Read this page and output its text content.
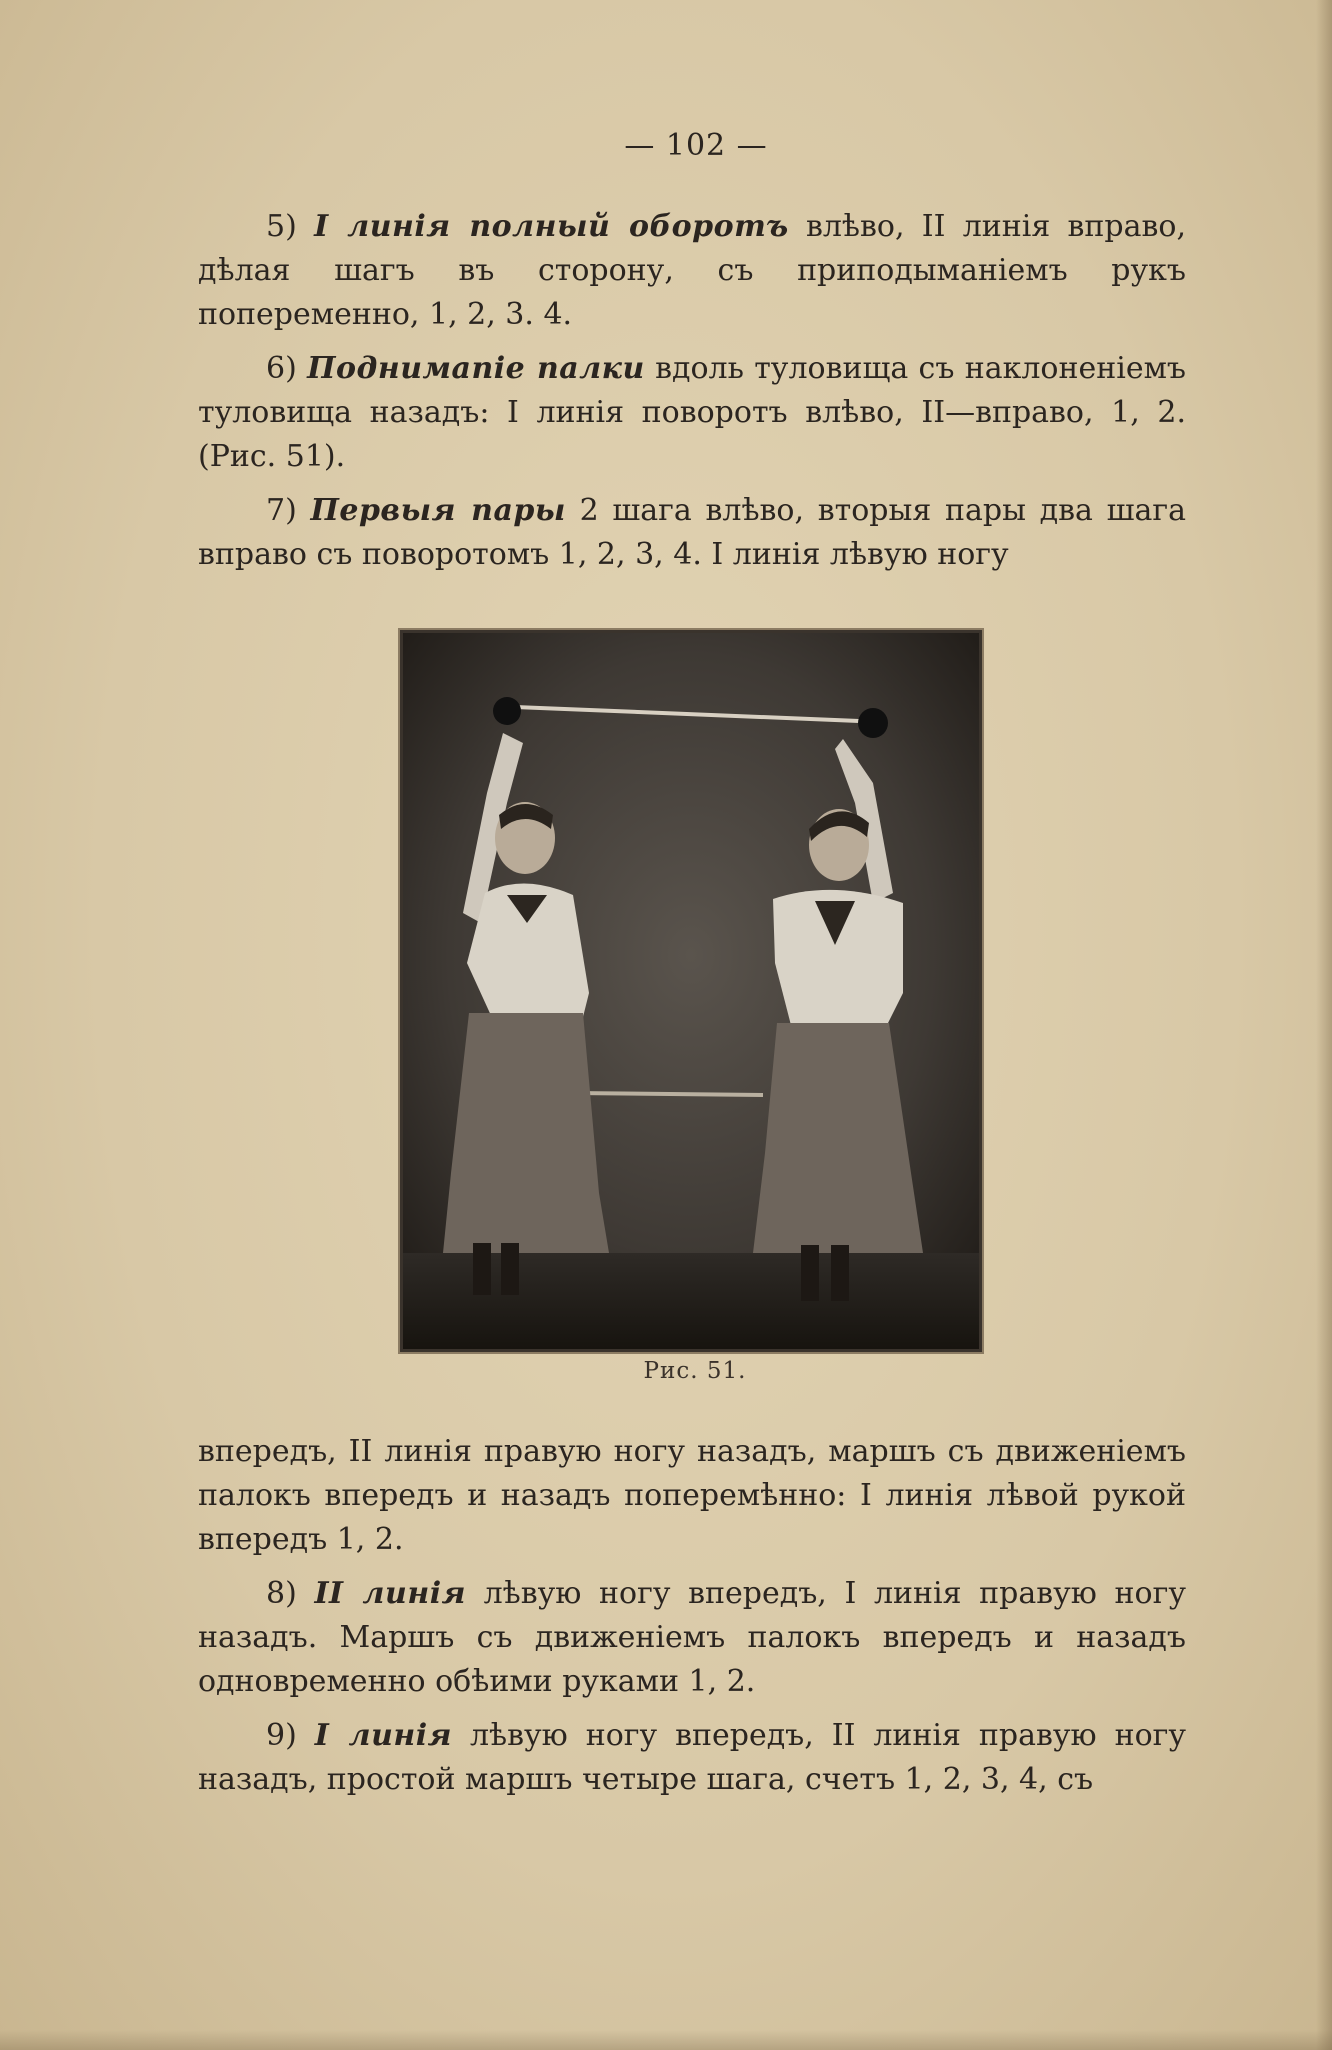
— 102 —

5) I линія полный оборотъ влѣво, II линія вправо, дѣлая шагъ въ сторону, съ приподыманіемъ рукъ попеременно, 1, 2, 3. 4.

6) Поднимапіе палки вдоль туловища съ наклоненіемъ туловища назадъ: I линія поворотъ влѣво, II—вправо, 1, 2. (Рис. 51).

7) Первыя пары 2 шага влѣво, вторыя пары два шага вправо съ поворотомъ 1, 2, 3, 4. I линія лѣвую ногу

Рис. 51.

впередъ, II линія правую ногу назадъ, маршъ съ движеніемъ палокъ впередъ и назадъ поперемѣнно: I линія лѣвой рукой впередъ 1, 2.

8) II линія лѣвую ногу впередъ, I линія правую ногу назадъ. Маршъ съ движеніемъ палокъ впередъ и назадъ одновременно обѣими руками 1, 2.

9) I линія лѣвую ногу впередъ, II линія правую ногу назадъ, простой маршъ четыре шага, счетъ 1, 2, 3, 4, съ
